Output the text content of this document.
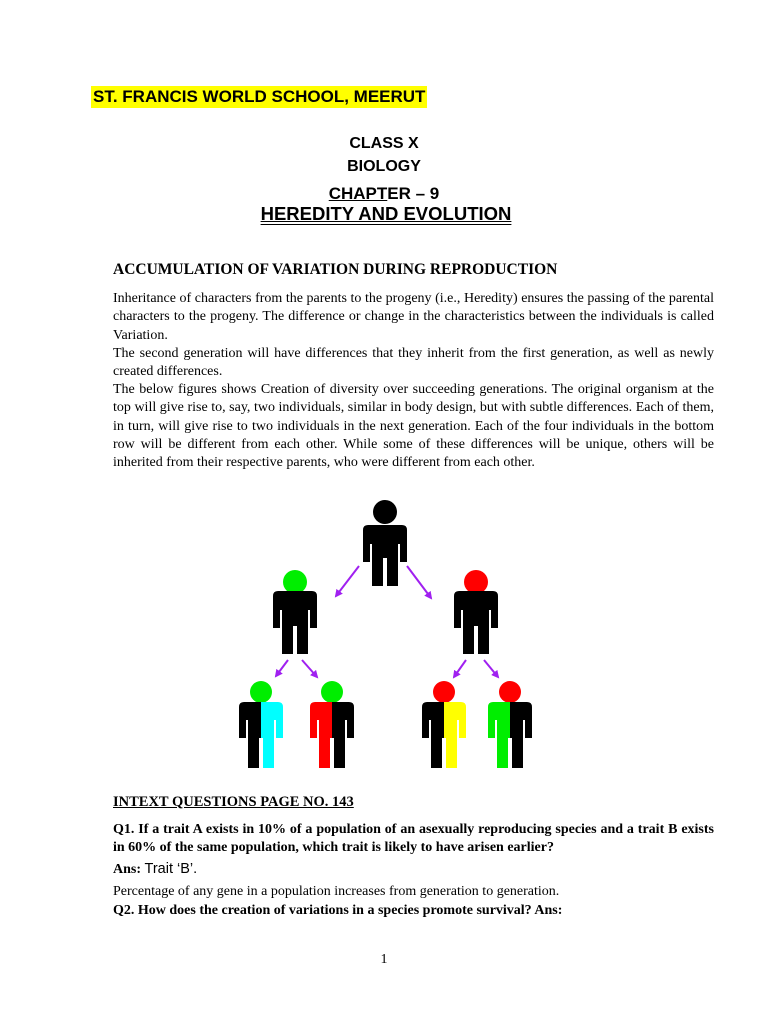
ST. FRANCIS WORLD SCHOOL, MEERUT
CLASS X
BIOLOGY
CHAPTER – 9
HEREDITY AND EVOLUTION
ACCUMULATION OF VARIATION DURING REPRODUCTION
Inheritance of characters from the parents to the progeny (i.e., Heredity) ensures the passing of the parental characters to the progeny. The difference or change in the characteristics between the individuals is called Variation.
The second generation will have differences that they inherit from the first generation, as well as newly created differences.
The below figures shows Creation of diversity over succeeding generations. The original organism at the top will give rise to, say, two individuals, similar in body design, but with subtle differences. Each of them, in turn, will give rise to two individuals in the next generation. Each of the four individuals in the bottom row will be different from each other. While some of these differences will be unique, others will be inherited from their respective parents, who were different from each other.
INTEXT QUESTIONS PAGE NO. 143
Q1. If a trait A exists in 10% of a population of an asexually reproducing species and a trait B exists in 60% of the same population, which trait is likely to have arisen earlier?
Ans: Trait ‘B’.
Percentage of any gene in a population increases from generation to generation.
Q2. How does the creation of variations in a species promote survival? Ans:
1
